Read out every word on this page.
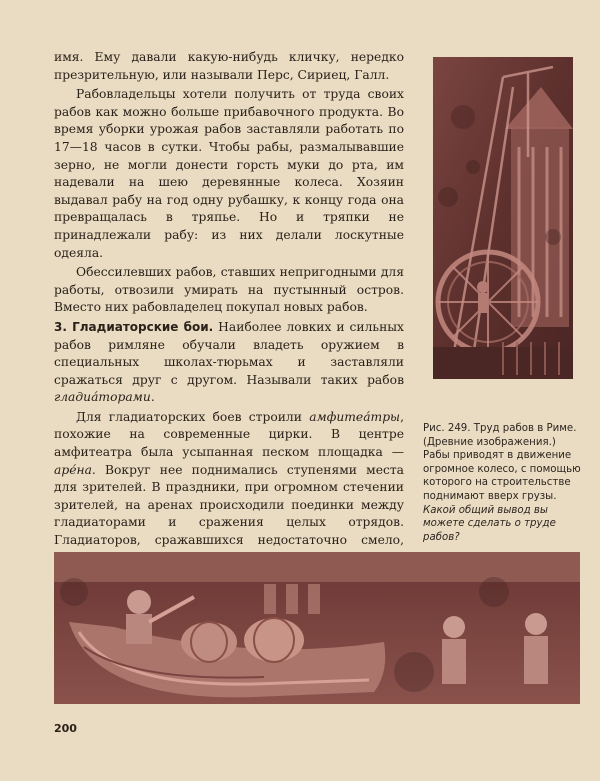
имя. Ему давали какую-нибудь кличку, нередко презрительную, или называли Перс, Сириец, Галл.

Рабовладельцы хотели получить от труда своих рабов как можно больше прибавочного продукта. Во время уборки урожая рабов заставляли работать по 17—18 часов в сутки. Чтобы рабы, размалывавшие зерно, не могли донести горсть муки до рта, им надевали на шею деревянные колеса. Хозяин выдавал рабу на год одну рубашку, к концу года она превращалась в тряпье. Но и тряпки не принадлежали рабу: из них делали лоскутные одеяла.

Обессилевших рабов, ставших непригодными для работы, отвозили умирать на пустынный остров. Вместо них рабовладелец покупал новых рабов.

3. Гладиаторские бои. Наиболее ловких и сильных рабов римляне обучали владеть оружием в специальных школах-тюрьмах и заставляли сражаться друг с другом. Называли таких рабов гладиа́торами.

Для гладиаторских боев строили амфитеа́тры, похожие на современные цирки. В центре амфитеатра была усыпанная песком площадка — аре́на. Вокруг нее поднимались ступенями места для зрителей. В праздники, при огромном стечении зрителей, на аренах происходили поединки между гладиаторами и сражения целых отрядов. Гладиаторов, сражавшихся недостаточно смело,

Рис. 249. Труд рабов в Риме. (Древние изображения.)
Рабы приводят в движение огромное колесо, с помощью которого на строительстве поднимают вверх грузы. Какой общий вывод вы можете сделать о труде рабов?
200
